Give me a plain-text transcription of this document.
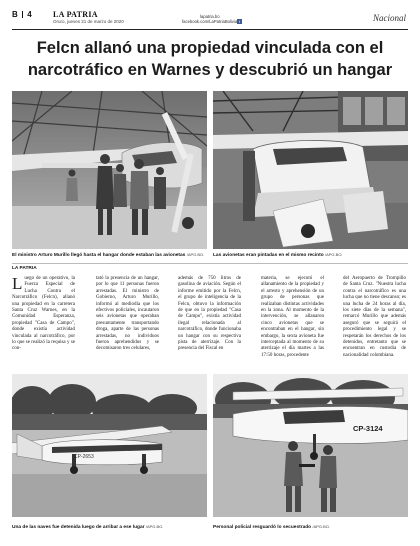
B 4	LA PATRIA
Oruro, jueves 21 de marzo de 2020
lapatria.bo
facebook.com/LaPatriaBolivia f	Nacional
Felcn allanó una propiedad vinculada con el
narcotráfico en Warnes y descubrió un hangar
El ministro Arturo Murillo llegó hasta el hangar donde estaban las avionetas /APG.BO.	Las avionetas eran pintadas en el mismo recinto /APG.BO.
LA PATRIA

Luego de un operativo, la Fuerza Especial de Lucha Contra el Narcotráfico (Felcn), allanó una propiedad en la carretera Santa Cruz Warnes, en la Comunidad Esperanza, propiedad "Casa de Campo", donde existía actividad vinculada al narcotráfico, por lo que se realizó la requisa y se con-

tató la presencia de un hangar, por lo que 11 personas fueron arrestadas. El ministro de Gobierno, Arturo Murillo, informó al mediodía que los efectivos policiales, incautaron seis avionetas que operaban presuntamente transportando droga, aparte de las personas arrestadas, no individuos fueron aprehendidos y se decomisaron tres celulares,

además de 750 litros de gasolina de aviación. Según el informe emitido por la Felcn, el grupo de inteligencia de la Felcn, obtuvo la información de que en la propiedad "Casa de Campo", existía actividad ilegal relacionada al narcotráfico, donde funcionaba un hangar con su respectiva pista de aterrizaje. Con la presencia del Fiscal en

materia, se ejecutó el allanamiento de la propiedad y el arresto y aprehensión de un grupo de personas que realizaban distintas actividades en la zona. Al momento de la intervención, se allanaron cinco avionetas que se encontraban en el hangar, sin embargo, la sexta avioneta fue interceptada al momento de su aterrizaje el día martes a las 17:50 horas, procedente

del Aeropuerto de Trompillo de Santa Cruz. "Nuestra lucha contra el narcotráfico es una lucha que no tiene descanso; es una lucha de 24 horas al día, los siete días de la semana", remarcó Murillo que además aseguró que se seguirá el procedimiento legal y se respetarán los derechos de los detenidos, entretanto que se encuentran en custodia de nacionalidad colombiana.

CP-2653
Una de las naves fue detenida luego de arribar a ese lugar /APG.BO.
CP-3124
Personal policial resguardó lo secuestrado /APG.BO.
